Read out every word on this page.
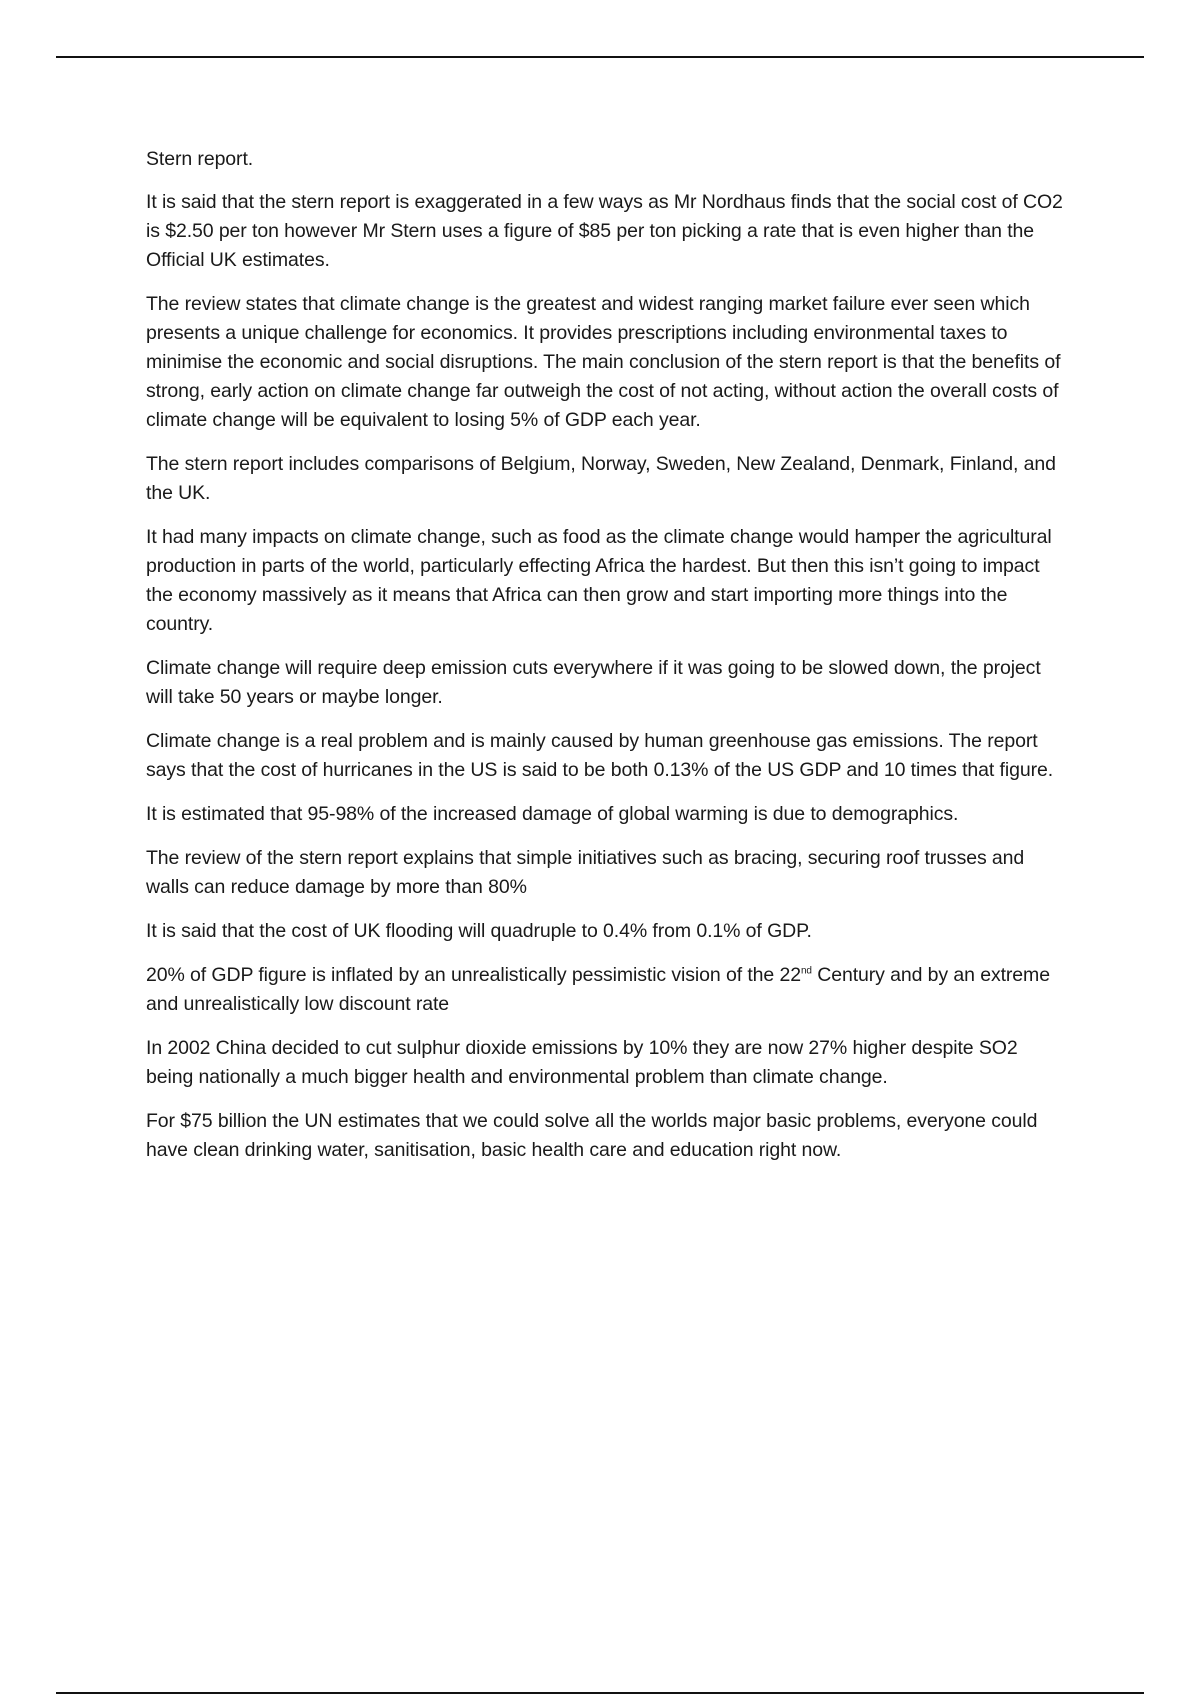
Stern report.

It is said that the stern report is exaggerated in a few ways as Mr Nordhaus finds that the social cost of CO2 is $2.50 per ton however Mr Stern uses a figure of $85 per ton picking a rate that is even higher than the Official UK estimates.

The review states that climate change is the greatest and widest ranging market failure ever seen which presents a unique challenge for economics. It provides prescriptions including environmental taxes to minimise the economic and social disruptions. The main conclusion of the stern report is that the benefits of strong, early action on climate change far outweigh the cost of not acting, without action the overall costs of climate change will be equivalent to losing 5% of GDP each year.

The stern report includes comparisons of Belgium, Norway, Sweden, New Zealand, Denmark, Finland, and the UK.

It had many impacts on climate change, such as food as the climate change would hamper the agricultural production in parts of the world, particularly effecting Africa the hardest. But then this isn’t going to impact the economy massively as it means that Africa can then grow and start importing more things into the country.

Climate change will require deep emission cuts everywhere if it was going to be slowed down, the project will take 50 years or maybe longer.

Climate change is a real problem and is mainly caused by human greenhouse gas emissions. The report says that the cost of hurricanes in the US is said to be both 0.13% of the US GDP and 10 times that figure.

It is estimated that 95-98% of the increased damage of global warming is due to demographics.

The review of the stern report explains that simple initiatives such as bracing, securing roof trusses and walls can reduce damage by more than 80%

It is said that the cost of UK flooding will quadruple to 0.4% from 0.1% of GDP.

20% of GDP figure is inflated by an unrealistically pessimistic vision of the 22nd Century and by an extreme and unrealistically low discount rate

In 2002 China decided to cut sulphur dioxide emissions by 10% they are now 27% higher despite SO2 being nationally a much bigger health and environmental problem than climate change.

For $75 billion the UN estimates that we could solve all the worlds major basic problems, everyone could have clean drinking water, sanitisation, basic health care and education right now.
